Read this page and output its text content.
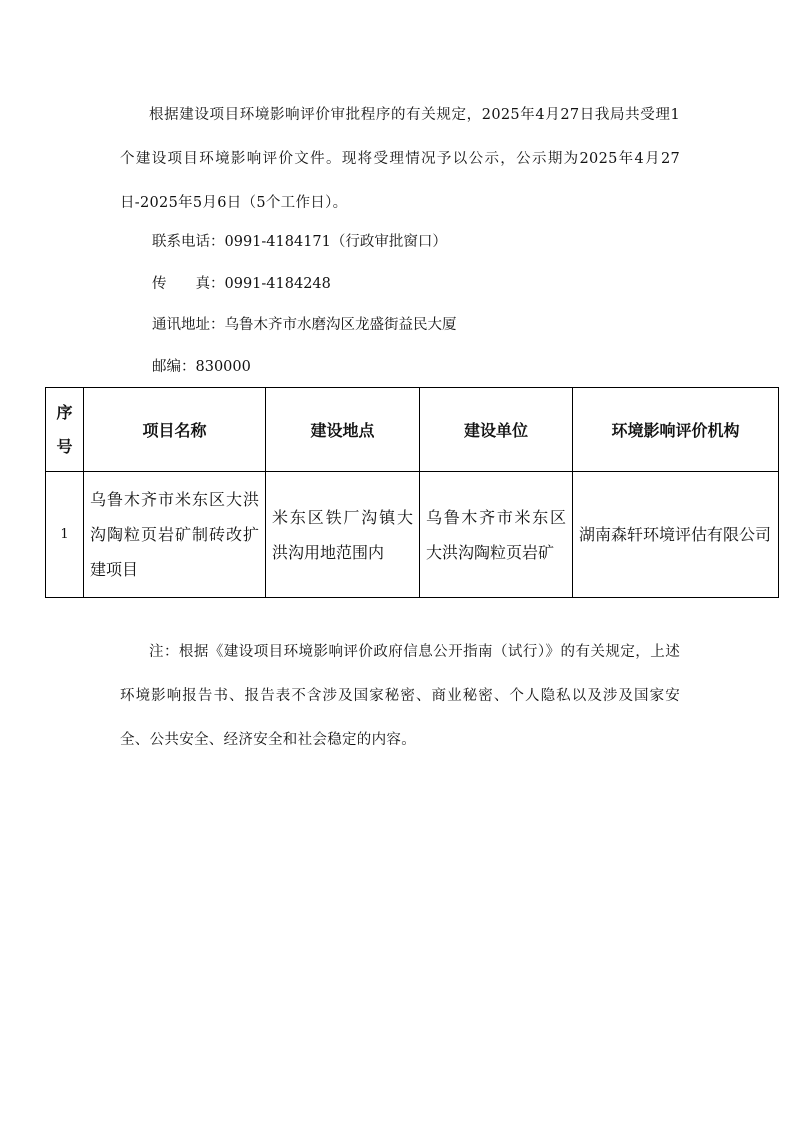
根据建设项目环境影响评价审批程序的有关规定，2025年4月27日我局共受理1个建设项目环境影响评价文件。现将受理情况予以公示，公示期为2025年4月27日-2025年5月6日（5个工作日）。

联系电话：0991-4184171（行政审批窗口）

传　　真：0991-4184248

通讯地址：乌鲁木齐市水磨沟区龙盛街益民大厦

邮编：830000

序号	项目名称	建设地点	建设单位	环境影响评价机构
1	乌鲁木齐市米东区大洪沟陶粒页岩矿制砖改扩建项目	米东区铁厂沟镇大洪沟用地范围内	乌鲁木齐市米东区大洪沟陶粒页岩矿	湖南森轩环境评估有限公司

注：根据《建设项目环境影响评价政府信息公开指南（试行）》的有关规定，上述环境影响报告书、报告表不含涉及国家秘密、商业秘密、个人隐私以及涉及国家安全、公共安全、经济安全和社会稳定的内容。
